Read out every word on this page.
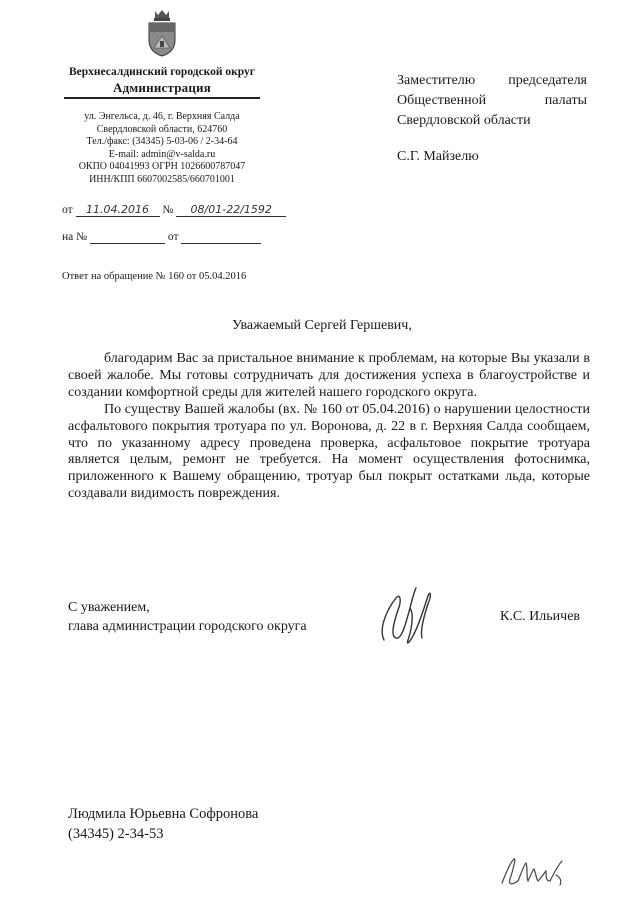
Верхнесалдинский городской округ
Администрация
ул. Энгельса, д. 46, г. Верхняя Салда
Свердловской области, 624760
Тел./факс: (34345) 5-03-06 / 2-34-64
E-mail: admin@v-salda.ru
ОКПО 04041993 ОГРН 1026600787047
ИНН/КПП 6607002585/660701001
от 11.04.2016 № 08/01-22/1592
на №	от
Ответ на обращение № 160 от 05.04.2016
Заместителю председателя
Общественной	палаты
Свердловской области
С.Г. Майзелю
Уважаемый Сергей Гершевич,

благодарим Вас за пристальное внимание к проблемам, на которые Вы указали в своей жалобе. Мы готовы сотрудничать для достижения успеха в благоустройстве и создании комфортной среды для жителей нашего городского округа.

По существу Вашей жалобы (вх. № 160 от 05.04.2016) о нарушении целостности асфальтового покрытия тротуара по ул. Воронова, д. 22 в г. Верхняя Салда сообщаем, что по указанному адресу проведена проверка, асфальтовое покрытие тротуара является целым, ремонт не требуется. На момент осуществления фотоснимка, приложенного к Вашему обращению, тротуар был покрыт остатками льда, которые создавали видимость повреждения.

С уважением,
глава администрации городского округа
К.С. Ильичев
Людмила Юрьевна Софронова
(34345) 2-34-53
